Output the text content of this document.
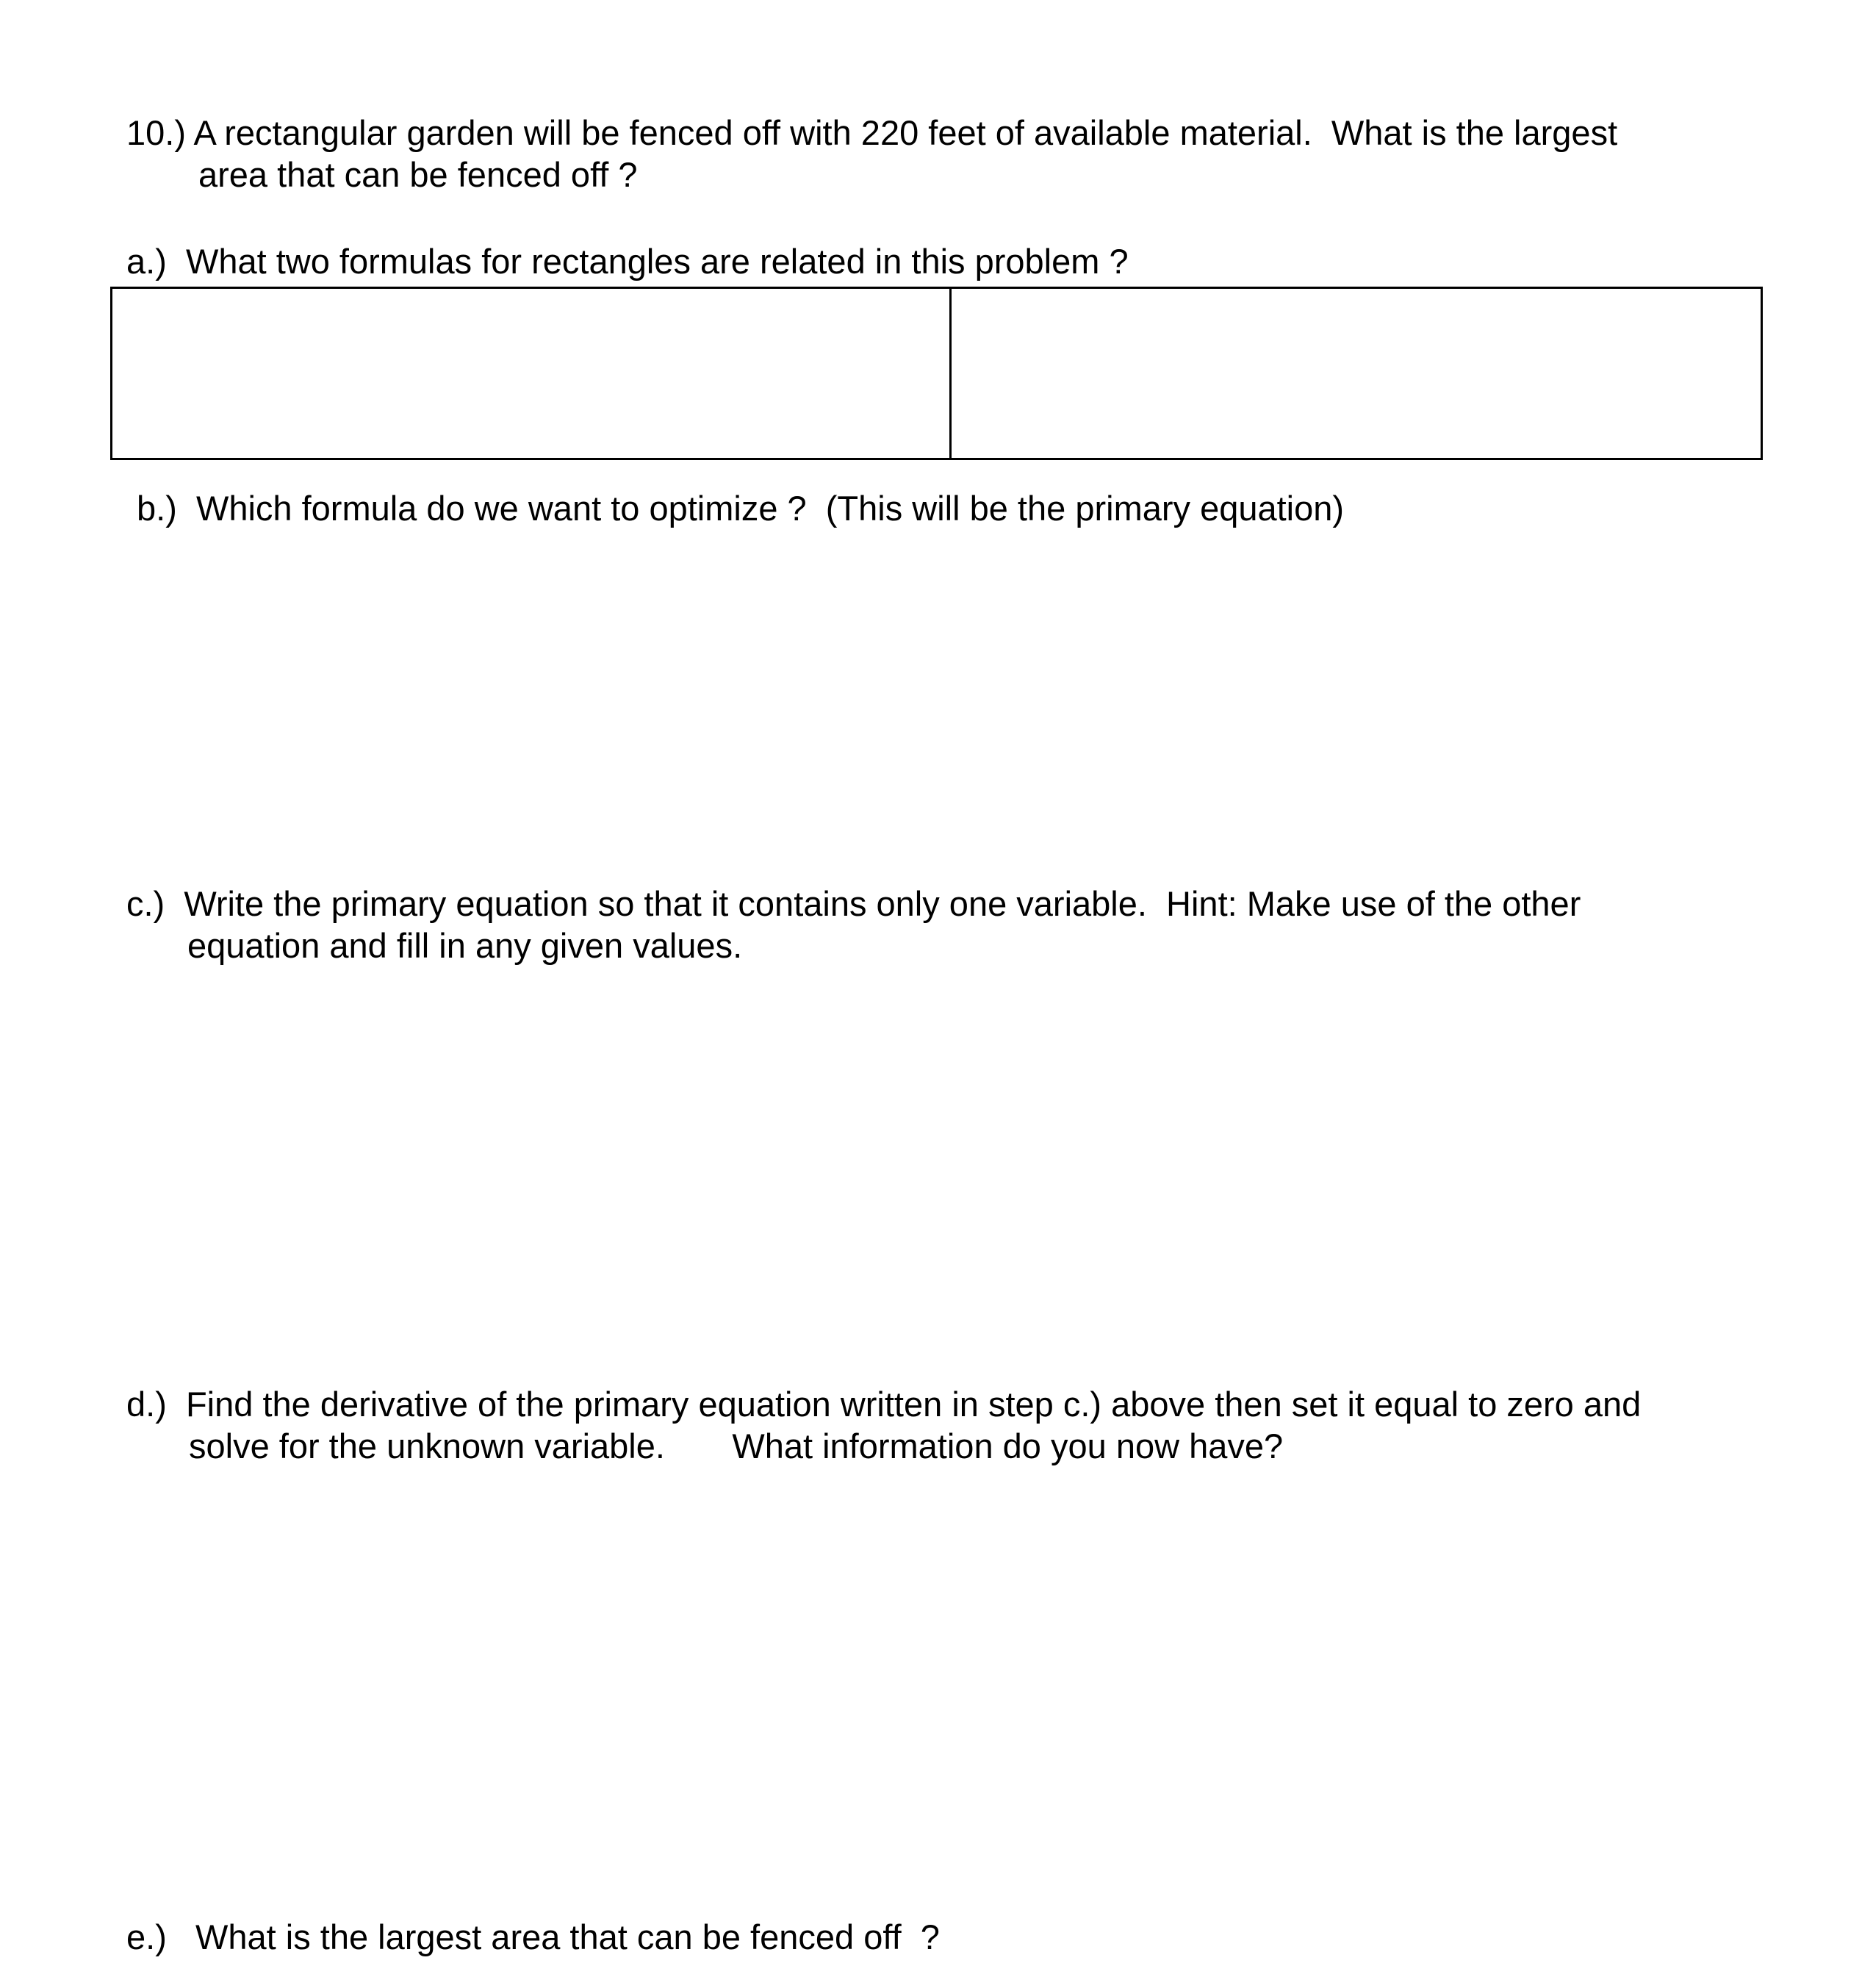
10.) A rectangular garden will be fenced off with 220 feet of available material.  What is the largest

area that can be fenced off ?

a.)  What two formulas for rectangles are related in this problem ?

b.)  Which formula do we want to optimize ?  (This will be the primary equation)

c.)  Write the primary equation so that it contains only one variable.  Hint: Make use of the other

equation and fill in any given values.

d.)  Find the derivative of the primary equation written in step c.) above then set it equal to zero and

solve for the unknown variable.       What information do you now have?

e.)   What is the largest area that can be fenced off  ?
